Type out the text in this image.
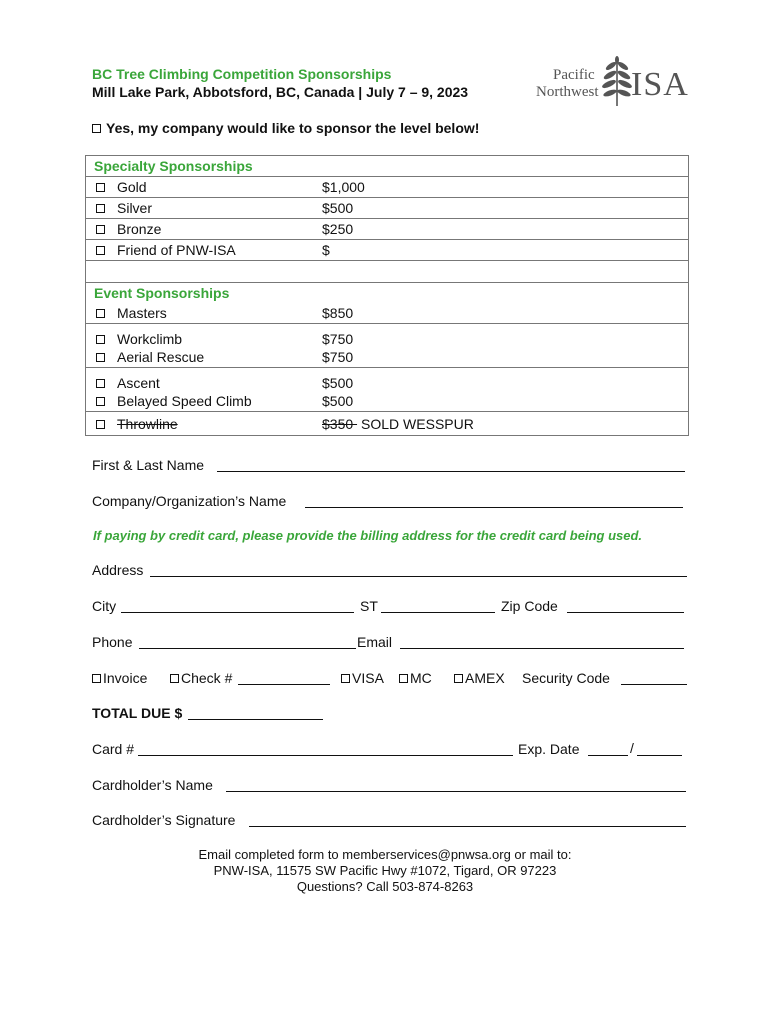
BC Tree Climbing Competition Sponsorships
Mill Lake Park, Abbotsford, BC, Canada | July 7 – 9, 2023
Pacific
Northwest ISA
Yes, my company would like to sponsor the level below!
Specialty Sponsorships	
Gold	$1,000
Silver	$500
Bronze	$250
Friend of PNW-ISA	$

Event Sponsorships	
Masters	$850
Workclimb	$750
Aerial Rescue	$750
Ascent	$500
Belayed Speed Climb	$500
Throwline	$350 SOLD WESSPUR
First & Last Name
Company/Organization’s Name
If paying by credit card, please provide the billing address for the credit card being used.
Address
City	ST	Zip Code
Phone	Email
Invoice	Check #	VISA	MC	AMEX Security Code
TOTAL DUE $
Card #	Exp. Date	/
Cardholder’s Name
Cardholder’s Signature
Email completed form to memberservices@pnwsa.org or mail to:
PNW-ISA, 11575 SW Pacific Hwy #1072, Tigard, OR 97223
Questions? Call 503-874-8263
